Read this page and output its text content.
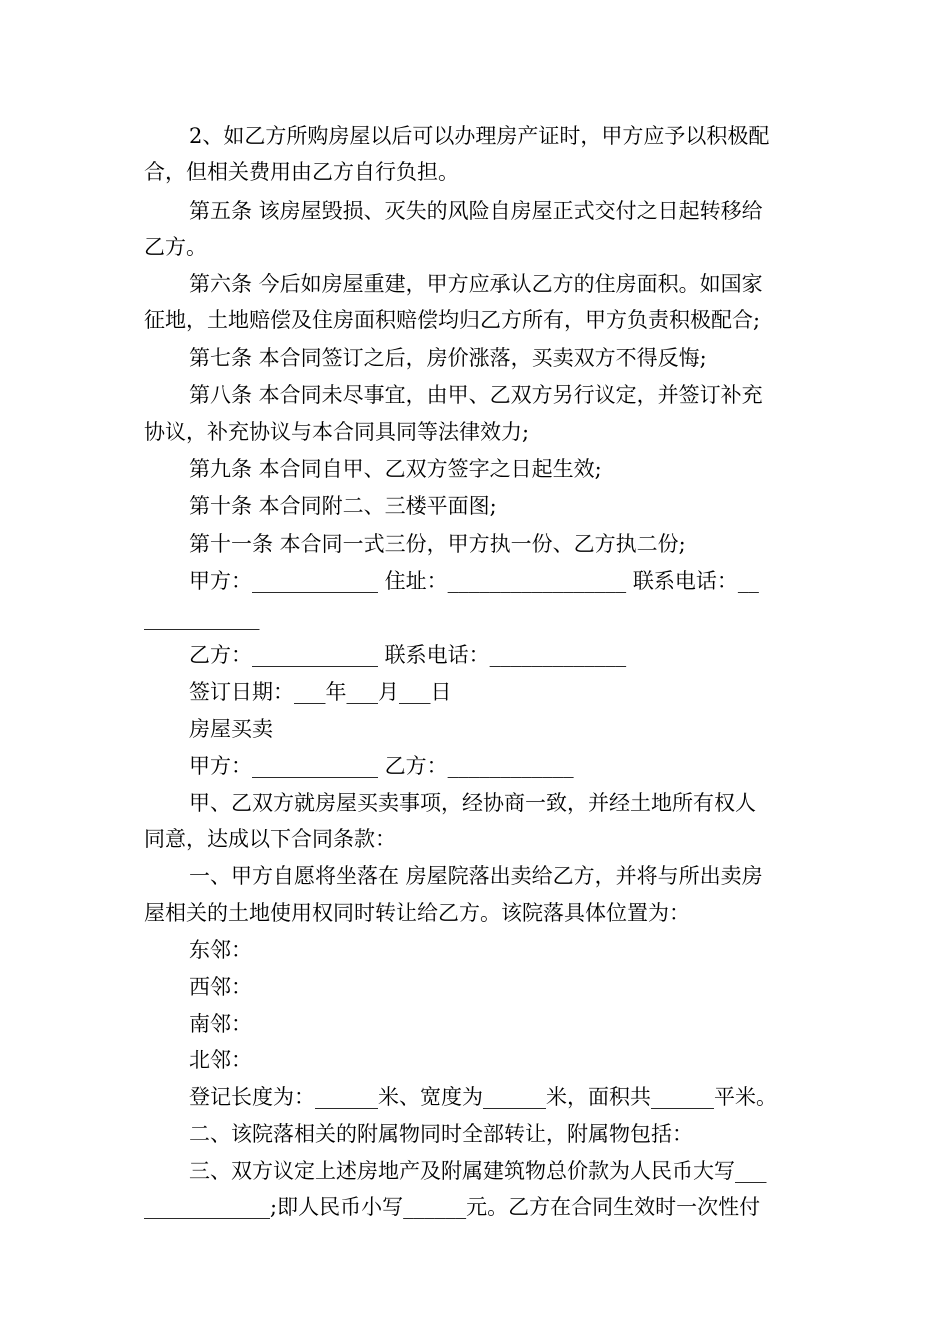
2、如乙方所购房屋以后可以办理房产证时，甲方应予以积极配
合，但相关费用由乙方自行负担。
第五条 该房屋毁损、灭失的风险自房屋正式交付之日起转移给
乙方。
第六条 今后如房屋重建，甲方应承认乙方的住房面积。如国家
征地，土地赔偿及住房面积赔偿均归乙方所有，甲方负责积极配合;
第七条 本合同签订之后，房价涨落，买卖双方不得反悔;
第八条 本合同未尽事宜，由甲、乙双方另行议定，并签订补充
协议，补充协议与本合同具同等法律效力;
第九条 本合同自甲、乙双方签字之日起生效;
第十条 本合同附二、三楼平面图;
第十一条 本合同一式三份，甲方执一份、乙方执二份;
甲方：____________ 住址：_________________ 联系电话：__
___________
乙方：____________ 联系电话：_____________
签订日期：___年___月___日
房屋买卖
甲方：____________ 乙方：____________
甲、乙双方就房屋买卖事项，经协商一致，并经土地所有权人
同意，达成以下合同条款：
一、甲方自愿将坐落在 房屋院落出卖给乙方，并将与所出卖房
屋相关的土地使用权同时转让给乙方。该院落具体位置为：
东邻：
西邻：
南邻：
北邻：
登记长度为：______米、宽度为______米，面积共______平米。
二、该院落相关的附属物同时全部转让，附属物包括：
三、双方议定上述房地产及附属建筑物总价款为人民币大写___
____________;即人民币小写______元。乙方在合同生效时一次性付
